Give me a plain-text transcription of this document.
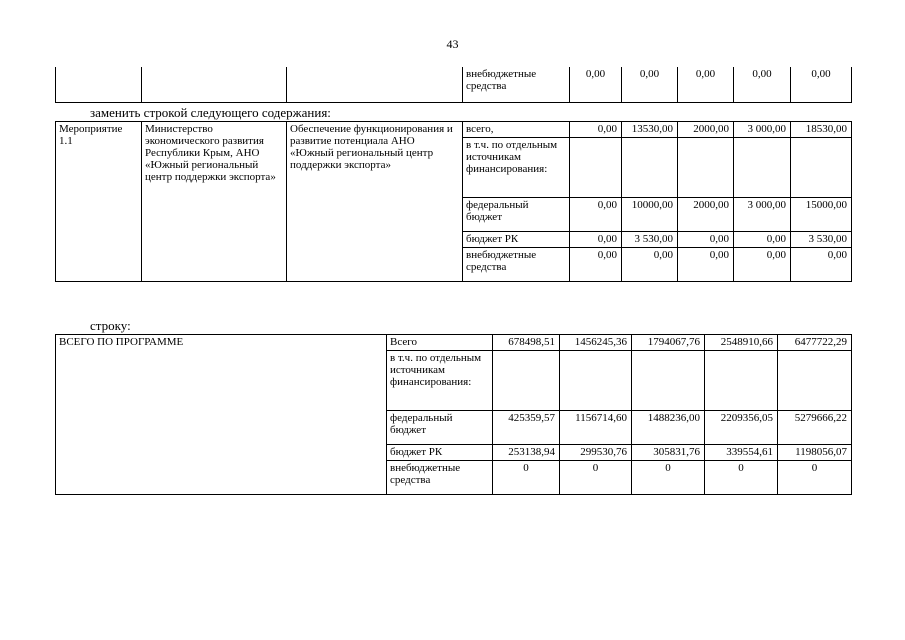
43
			внебюджетные средства	0,00	0,00	0,00	0,00	0,00
заменить строкой следующего содержания:
Мероприятие 1.1	Министерство экономического развития Республики Крым, АНО «Южный региональный центр поддержки экспорта»	Обеспечение функционирования и развитие потенциала АНО «Южный региональный центр поддержки экспорта»	всего,	0,00	13530,00	2000,00	3 000,00	18530,00
			в т.ч. по отдельным источникам финансирования:					
			федеральный бюджет	0,00	10000,00	2000,00	3 000,00	15000,00
			бюджет РК	0,00	3 530,00	0,00	0,00	3 530,00
			внебюджетные средства	0,00	0,00	0,00	0,00	0,00
строку:
ВСЕГО ПО ПРОГРАММЕ	Всего	678498,51	1456245,36	1794067,76	2548910,66	6477722,29
	в т.ч. по отдельным источникам финансирования:					
	федеральный бюджет	425359,57	1156714,60	1488236,00	2209356,05	5279666,22
	бюджет РК	253138,94	299530,76	305831,76	339554,61	1198056,07
	внебюджетные средства	0	0	0	0	0
